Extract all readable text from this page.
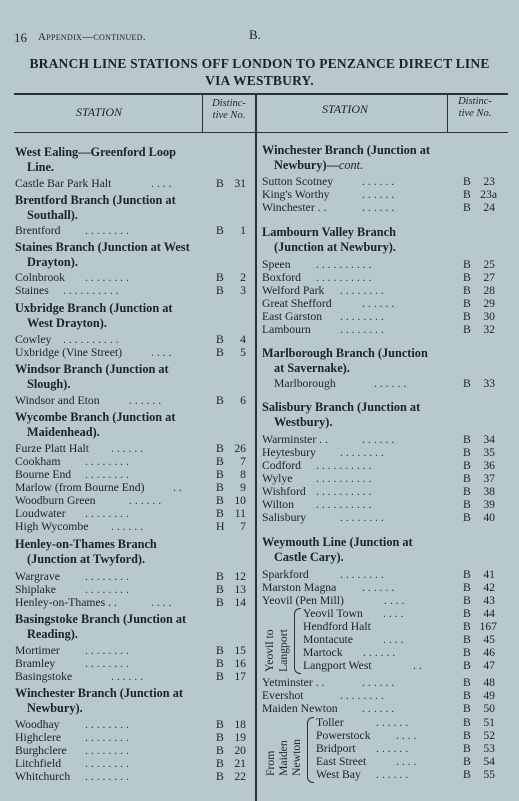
16 Appendix—continued.	B.
BRANCH LINE STATIONS OFF LONDON TO PENZANCE DIRECT LINE
VIA WESTBURY.
STATION
Distinc-
tive No.	STATION
Distinc-
tive No.
West Ealing—Greenford Loop
Line.
Castle Bar Park Halt	. . . .	B 31
Brentford Branch (Junction at
Southall).
Brentford . . . . . . . .	B	1
Staines Branch (Junction at West
Drayton).
Colnbrook . . . . . . . .	B	2
Staines . . . . . . . . . .	B	3
Uxbridge Branch (Junction at
West Drayton).
Cowley . . . . . . . . . .	B	4
Uxbridge (Vine Street) . . . .	B	5
Windsor Branch (Junction at
Slough).
Windsor and Eton	. . . . . .	B	6
Wycombe Branch (Junction at
Maidenhead).
Furze Platt Halt . . . . . .	B 26
Cookham . . . . . . . .	B	7
Bourne End . . . . . . . .	B	8
Marlow (from Bourne End) . .	B	9
Woodburn Green	. . . . . .	B 10
Loudwater . . . . . . . .	B 11
High Wycombe . . . . . .	H	7
Henley-on-Thames Branch
(Junction at Twyford).
Wargrave . . . . . . . .	B 12
Shiplake . . . . . . . .	B 13
Henley-on-Thames . .	. . . .	B 14
Basingstoke Branch (Junction at
Reading).
Mortimer . . . . . . . .	B 15
Bramley	. . . . . . . .	B 16
Basingstoke	. . . . . .	B 17
Winchester Branch (Junction at
Newbury).
Woodhay . . . . . . . .	B 18
Highclere . . . . . . . .	B 19
Burghclere . . . . . . . .	B 20
Litchfield . . . . . . . .	B 21
Whitchurch . . . . . . . .	B 22
Winchester Branch (Junction at
Newbury)—cont.
Sutton Scotney . . . . . .	B	23
King's Worthy	. . . . . .	B 23a
Winchester . .	. . . . . .	B	24
Lambourn Valley Branch
(Junction at Newbury).
Speen . . . . . . . . . .	B	25
Boxford . . . . . . . . . .	B	27
Welford Park . . . . . . . .	B	28
Great Shefford	. . . . . .	B	29
East Garston . . . . . . . .	B	30
Lambourn	. . . . . . . .	B	32
Marlborough Branch (Junction
at Savernake).
Marlborough	. . . . . .	B	33
Salisbury Branch (Junction at
Westbury).
Warminster . .	. . . . . .	B	34
Heytesbury . . . . . . . .	B	35
Codford . . . . . . . . . .	B	36
Wylye . . . . . . . . . .	B	37
Wishford . . . . . . . . . .	B	38
Wilton . . . . . . . . . .	B	39
Salisbury	. . . . . . . .	B	40
Weymouth Line (Junction at
Castle Cary).
Sparkford	. . . . . . . .	B	41
Marston Magna . . . . . .	B	42
Yeovil (Pen Mill)	. . . .	B	43
Yeovil to Langport
Yeovil Town . . . .	B	44
Hendford Halt	B 167
Montacute	. . . .	B	45
Martock . . . . . .	B	46
Langport West	. .	B	47
Yetminster . .	. . . . . .	B	48
Evershot	. . . . . . . .	B	49
Maiden Newton . . . . . .	B	50
From Maiden Newton
Toller	. . . . . .	B	51
Powerstock . . . .	B	52
Bridport . . . . . .	B	53
East Street	. . . .	B	54
West Bay . . . . . .	B	55
